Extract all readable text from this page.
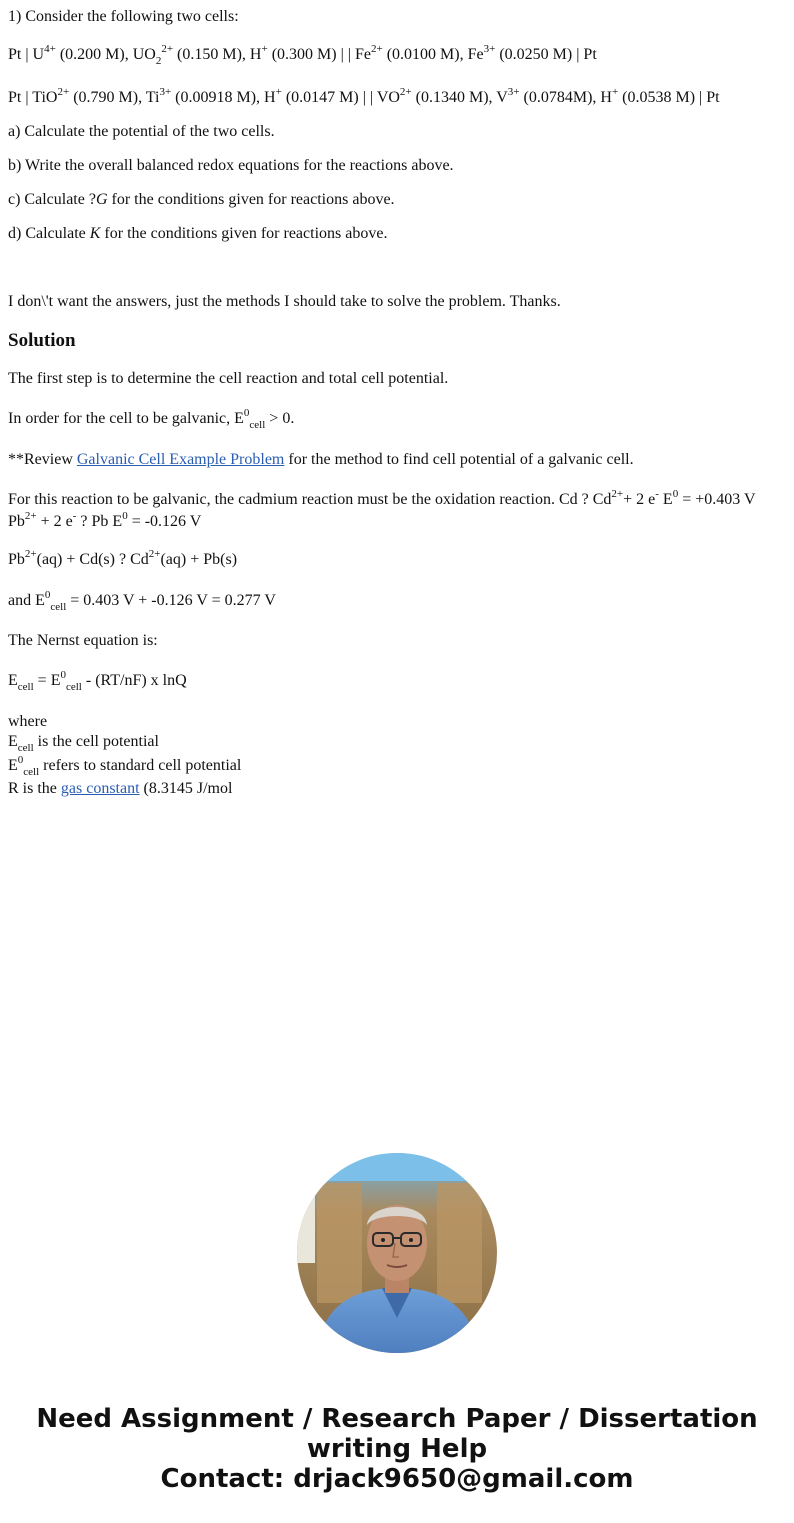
1) Consider the following two cells:
Pt | $U^{4+}$ (0.200 M), $UO_2^{2+}$ (0.150 M), H+ (0.300 M) | | $Fe^{2+}$ (0.0100 M), $Fe^{3+}$ (0.0250 M) | Pt
Pt | TiO$^{2+}$ (0.790 M), $Ti^{3+}$ (0.00918 M), H+ (0.0147 M) | | $VO^{2+}$ (0.1340 M), $V^{3+}$ (0.0784M), H+ (0.0538 M) | Pt
a) Calculate the potential of the two cells.
b) Write the overall balanced redox equations for the reactions above.
c) Calculate ?G for the conditions given for reactions above.
d) Calculate K for the conditions given for reactions above.
I don\'t want the answers, just the methods I should take to solve the problem. Thanks.
Solution
The first step is to determine the cell reaction and total cell potential.
In order for the cell to be galvanic, $E^0_{cell} > 0$.
**Review Galvanic Cell Example Problem for the method to find cell potential of a galvanic cell.
For this reaction to be galvanic, the cadmium reaction must be the oxidation reaction. Cd ? $Cd^{2+}+ 2$ e- $E^0 = +0.403$ V
$Pb^{2+} + 2$ e- ? Pb $E^0 = -0.126$ V
$Pb^{2+}(aq) + Cd(s)$ ? $Cd^{2+}(aq) + Pb(s)$
and $E^0_{cell} = 0.403$ V + -0.126 V = 0.277 V
The Nernst equation is:
$E_{cell} = E^0_{cell} - (RT/nF)$ x lnQ
where
$E_{cell}$ is the cell potential
$E^0_{cell}$ refers to standard cell potential
R is the gas constant (8.3145 J/mol
Need Assignment / Research Paper / Dissertation
writing Help
Contact: drjack9650@gmail.com
